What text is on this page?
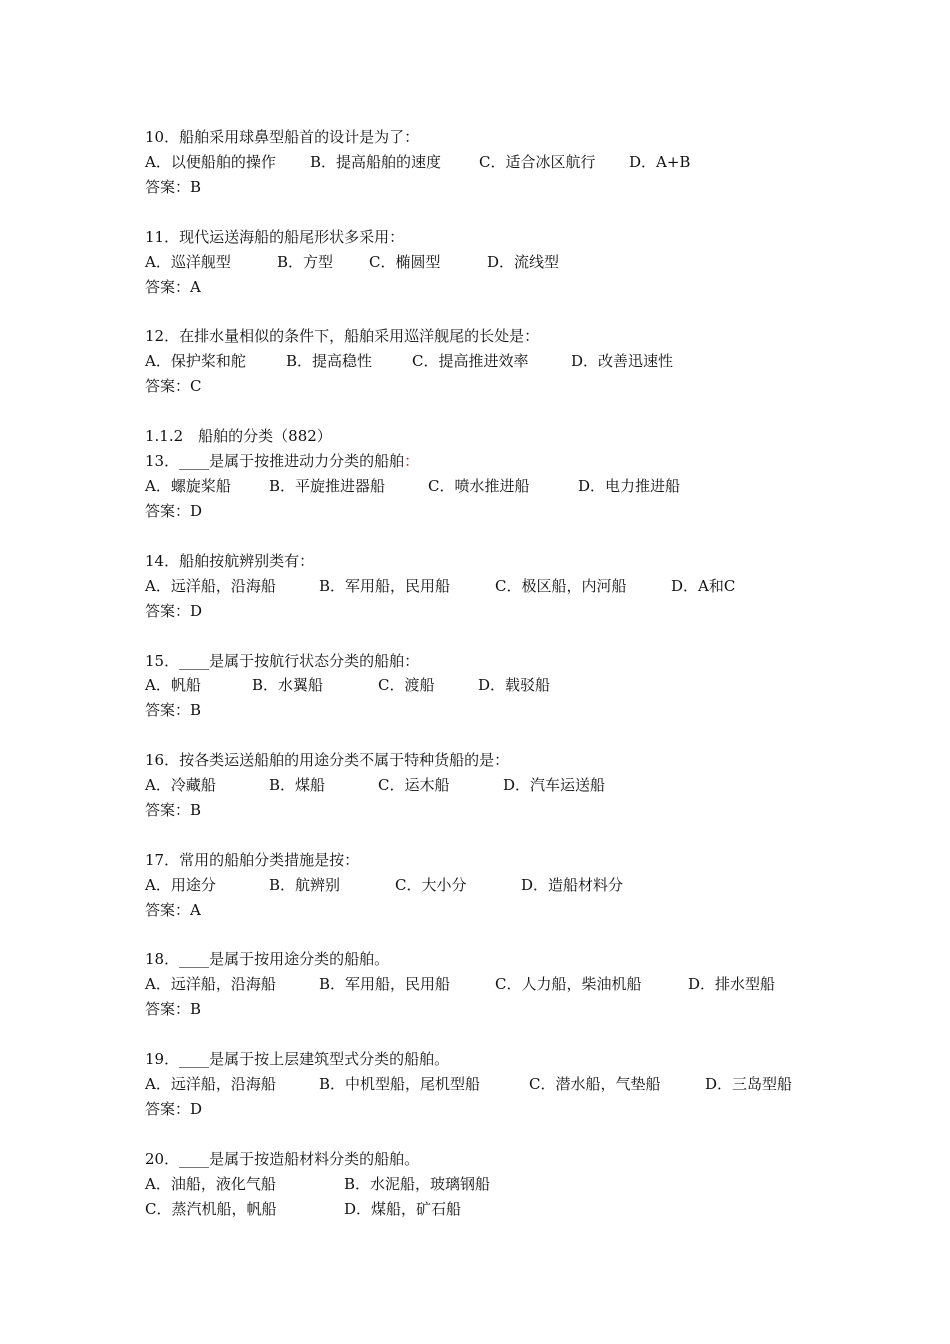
10．船舶采用球鼻型船首的设计是为了：
A．以便船舶的操作 B．提高船舶的速度	C．适合冰区航行 D．A+B
答案：B
11．现代运送海船的船尾形状多采用：
A．巡洋舰型	B．方型 C．椭圆型	D．流线型
答案：A
12．在排水量相似的条件下，船舶采用巡洋舰尾的长处是：
A．保护桨和舵	B．提高稳性	C．提高推进效率	D．改善迅速性
答案：C
1.1.2　船舶的分类（882）
13．____是属于按推进动力分类的船舶：
A．螺旋桨船	B．平旋推进器船	C．喷水推进船	D．电力推进船
答案：D
14．船舶按航辨别类有：
A．远洋船，沿海船	B．军用船，民用船	C．极区船，内河船	D．A和C
答案：D
15．____是属于按航行状态分类的船舶：
A．帆船	B．水翼船	C．渡船	D．载驳船
答案：B
16．按各类运送船舶的用途分类不属于特种货船的是：
A．冷藏船	B．煤船	C．运木船	D．汽车运送船
答案：B
17．常用的船舶分类措施是按：
A．用途分	B．航辨别	C．大小分	D．造船材料分
答案：A
18．____是属于按用途分类的船舶。
A．远洋船，沿海船	B．军用船，民用船	C．人力船，柴油机船	D．排水型船
答案：B
19．____是属于按上层建筑型式分类的船舶。
A．远洋船，沿海船	B．中机型船，尾机型船	C．潜水船，气垫船	D．三岛型船
答案：D
20．____是属于按造船材料分类的船舶。
A．油船，液化气船	B．水泥船，玻璃钢船
C．蒸汽机船，帆船	D．煤船，矿石船
